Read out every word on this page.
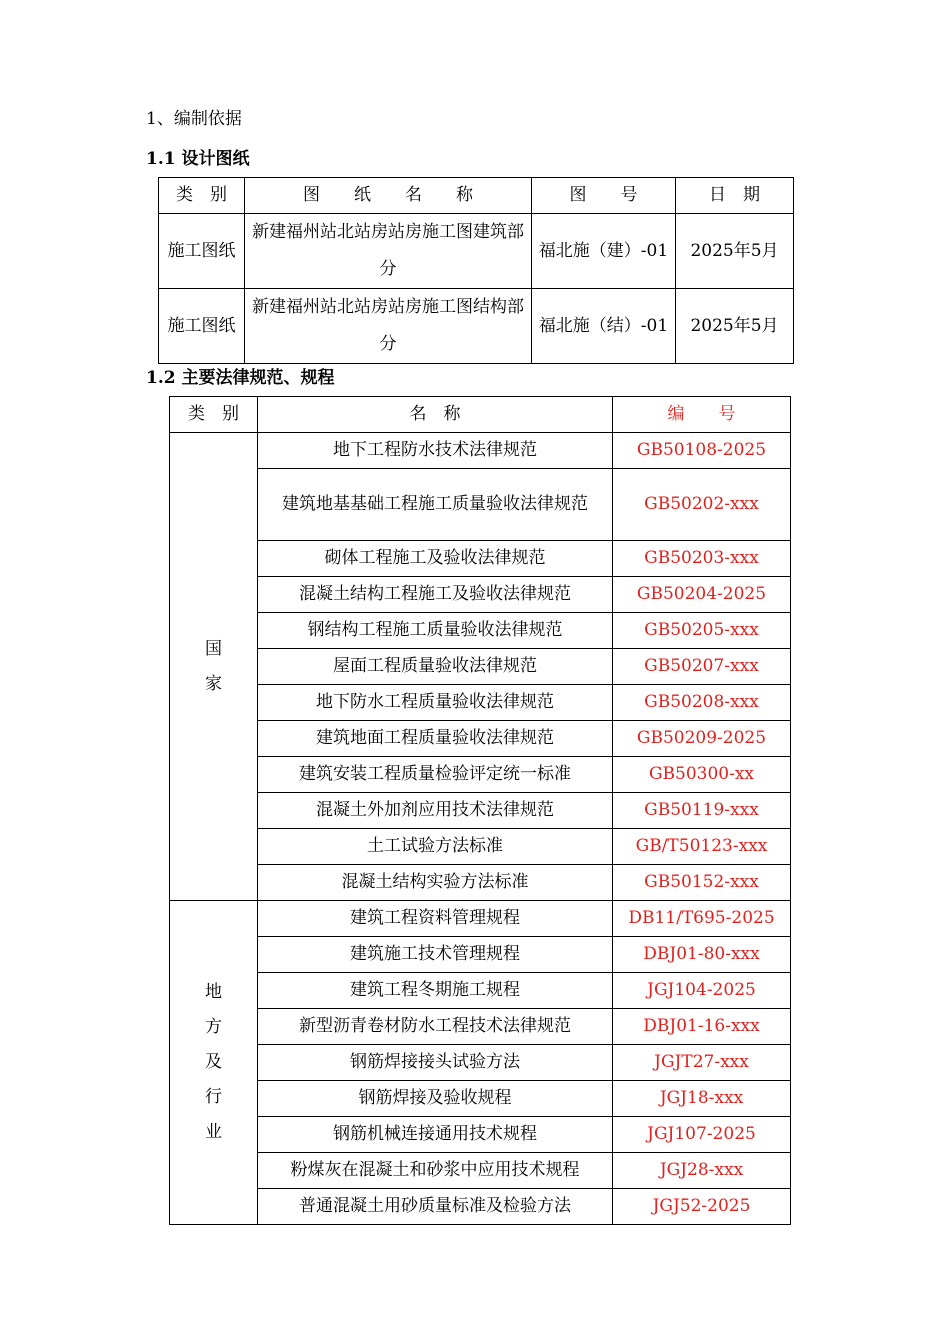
1、编制依据
1.1 设计图纸
类　别	图　　纸　　名　　称	图　　号	日　期
施工图纸	新建福州站北站房站房施工图建筑部分	福北施（建）-01	2025年5月
施工图纸	新建福州站北站房站房施工图结构部分	福北施（结）-01	2025年5月
1.2 主要法律规范、规程
类　别	名　称	编　　号
国
家	地下工程防水技术法律规范	GB50108-2025
	建筑地基基础工程施工质量验收法律规范	GB50202-xxx
	砌体工程施工及验收法律规范	GB50203-xxx
	混凝土结构工程施工及验收法律规范	GB50204-2025
	钢结构工程施工质量验收法律规范	GB50205-xxx
	屋面工程质量验收法律规范	GB50207-xxx
	地下防水工程质量验收法律规范	GB50208-xxx
	建筑地面工程质量验收法律规范	GB50209-2025
	建筑安装工程质量检验评定统一标准	GB50300-xx
	混凝土外加剂应用技术法律规范	GB50119-xxx
	土工试验方法标准	GB/T50123-xxx
	混凝土结构实验方法标准	GB50152-xxx
地
方
及
行
业	建筑工程资料管理规程	DB11/T695-2025
	建筑施工技术管理规程	DBJ01-80-xxx
	建筑工程冬期施工规程	JGJ104-2025
	新型沥青卷材防水工程技术法律规范	DBJ01-16-xxx
	钢筋焊接接头试验方法	JGJT27-xxx
	钢筋焊接及验收规程	JGJ18-xxx
	钢筋机械连接通用技术规程	JGJ107-2025
	粉煤灰在混凝土和砂浆中应用技术规程	JGJ28-xxx
	普通混凝土用砂质量标准及检验方法	JGJ52-2025
